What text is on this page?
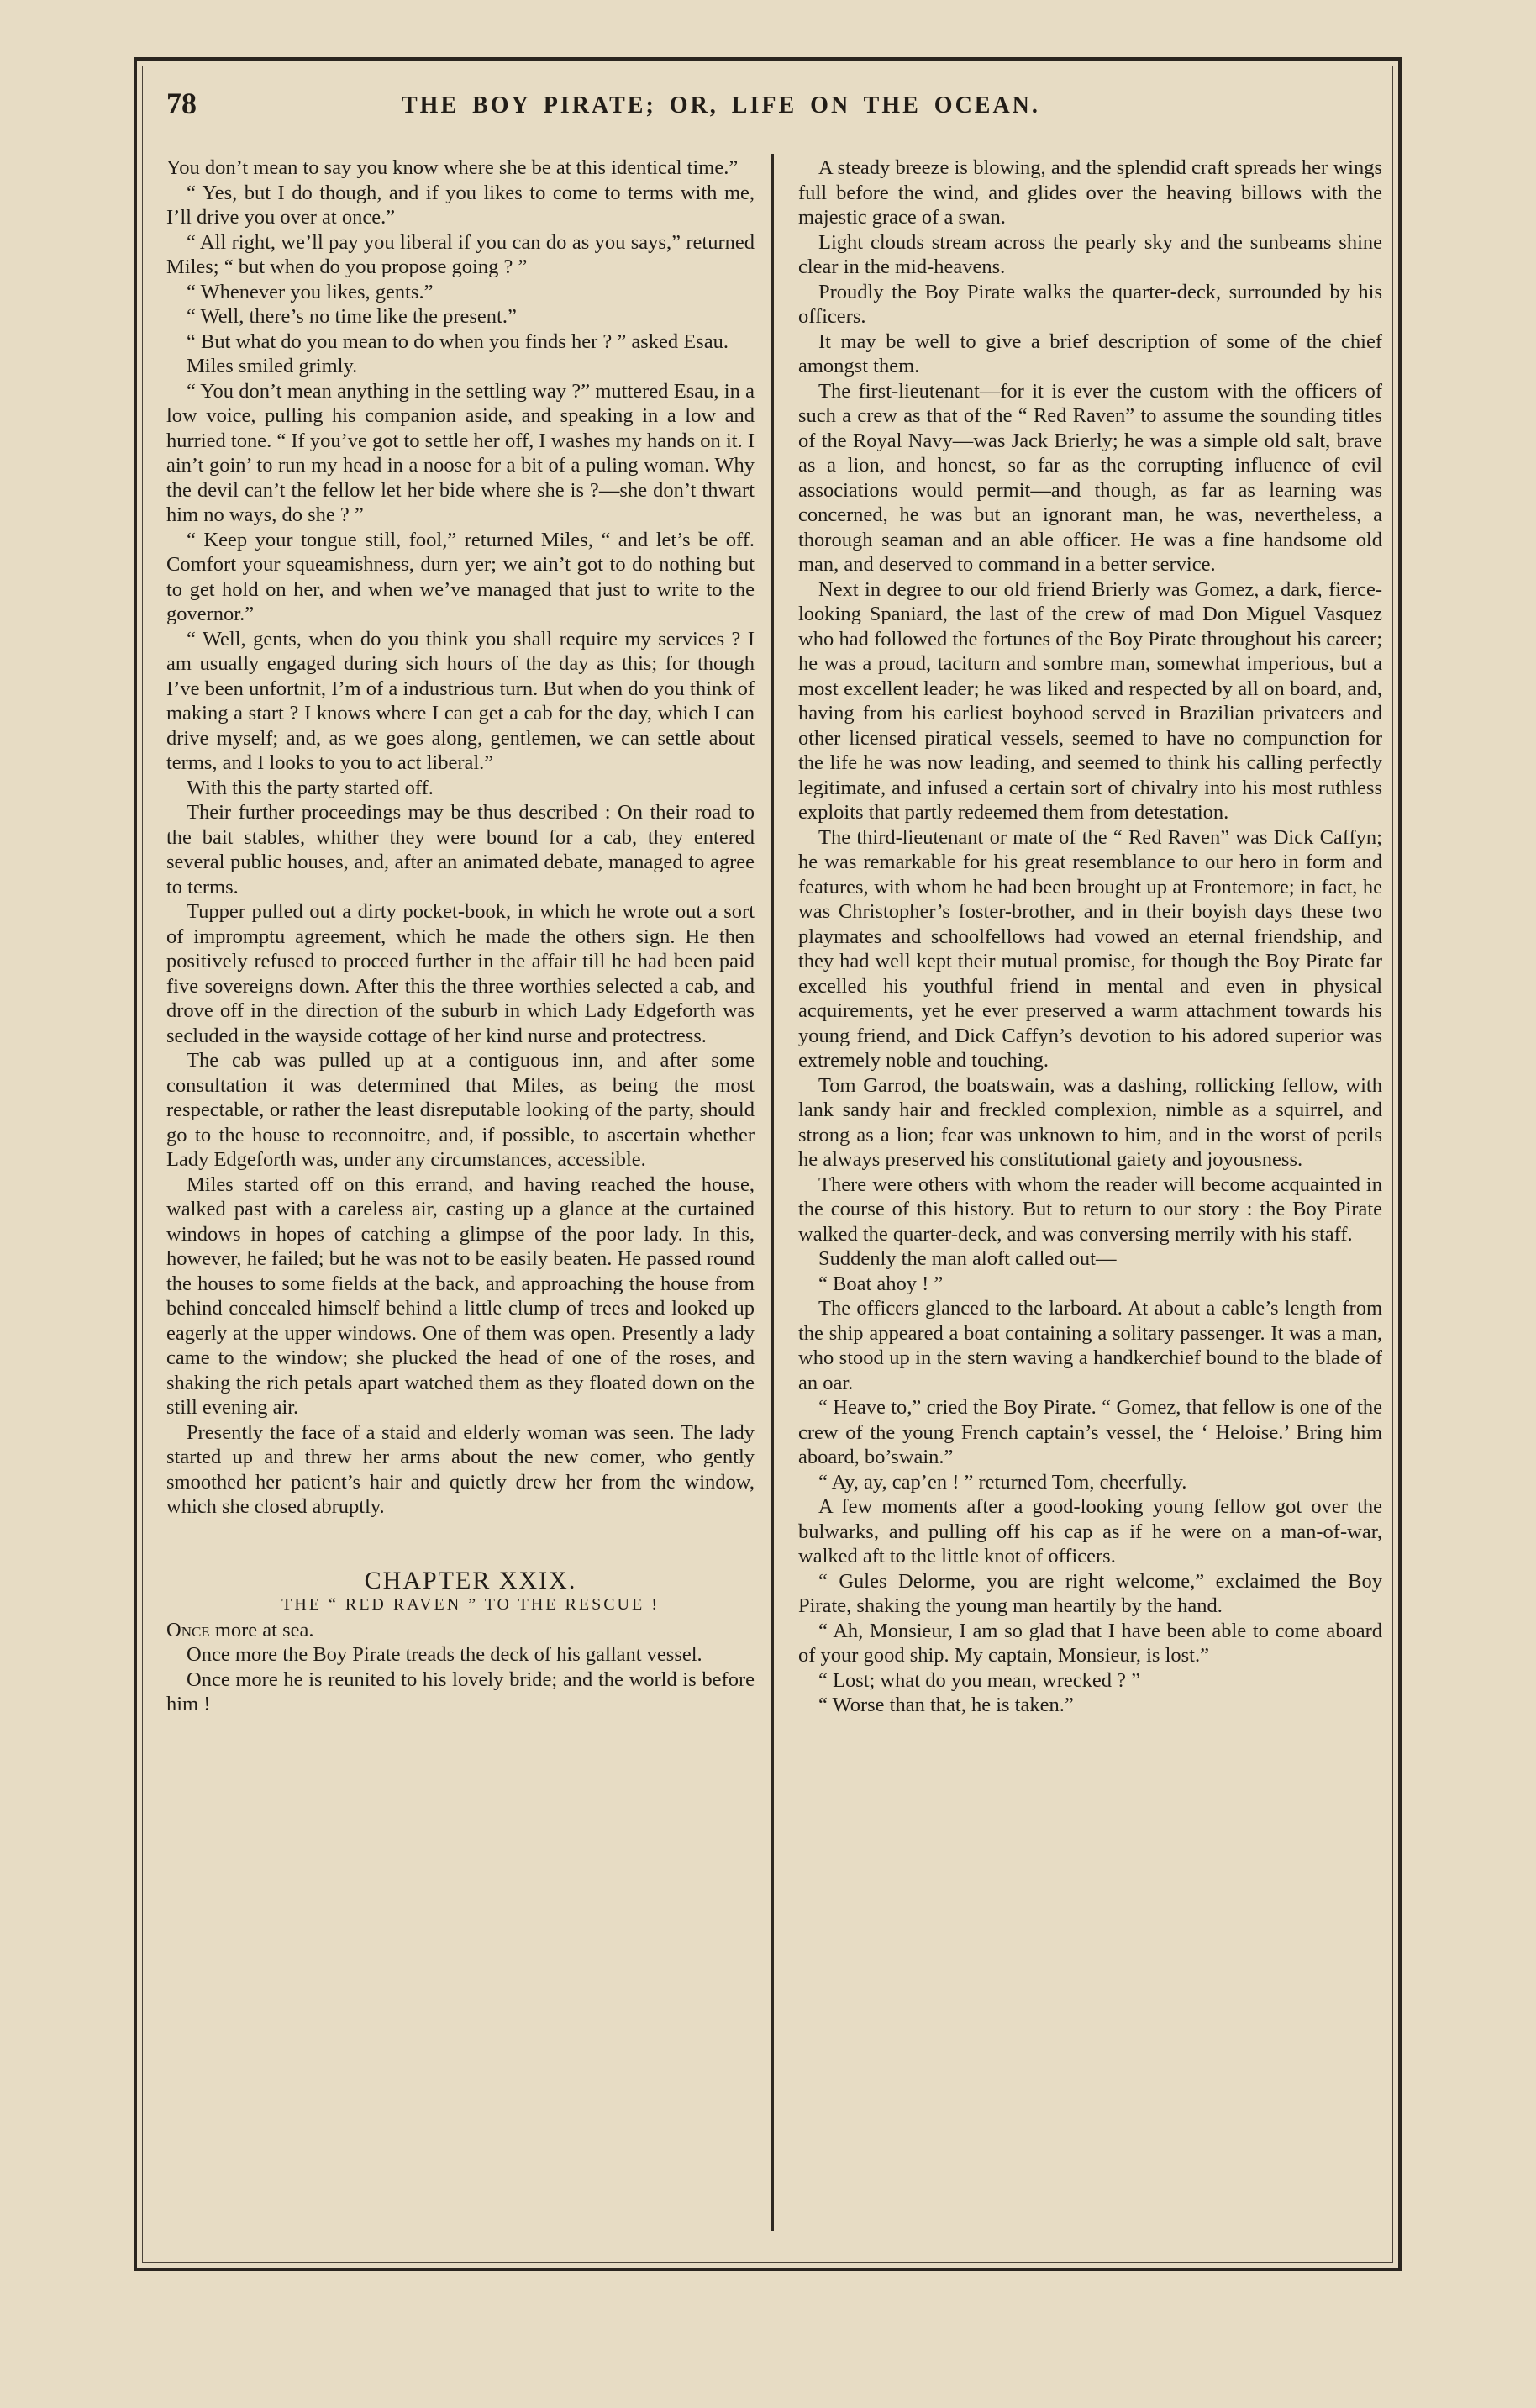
78	THE BOY PIRATE; OR, LIFE ON THE OCEAN.

You don’t mean to say you know where she be at this identical time.”

“ Yes, but I do though, and if you likes to come to terms with me, I’ll drive you over at once.”

“ All right, we’ll pay you liberal if you can do as you says,” returned Miles; “ but when do you propose going ? ”

“ Whenever you likes, gents.”

“ Well, there’s no time like the present.”

“ But what do you mean to do when you finds her ? ” asked Esau.

Miles smiled grimly.

“ You don’t mean anything in the settling way ?” muttered Esau, in a low voice, pulling his companion aside, and speaking in a low and hurried tone. “ If you’ve got to settle her off, I washes my hands on it. I ain’t goin’ to run my head in a noose for a bit of a puling woman. Why the devil can’t the fellow let her bide where she is ?—she don’t thwart him no ways, do she ? ”

“ Keep your tongue still, fool,” returned Miles, “ and let’s be off. Comfort your squeamishness, durn yer; we ain’t got to do nothing but to get hold on her, and when we’ve managed that just to write to the governor.”

“ Well, gents, when do you think you shall require my services ? I am usually engaged during sich hours of the day as this; for though I’ve been unfortnit, I’m of a industrious turn. But when do you think of making a start ? I knows where I can get a cab for the day, which I can drive myself; and, as we goes along, gentlemen, we can settle about terms, and I looks to you to act liberal.”

With this the party started off.

Their further proceedings may be thus described : On their road to the bait stables, whither they were bound for a cab, they entered several public houses, and, after an animated debate, managed to agree to terms.

Tupper pulled out a dirty pocket-book, in which he wrote out a sort of impromptu agreement, which he made the others sign. He then positively refused to proceed further in the affair till he had been paid five sovereigns down. After this the three worthies selected a cab, and drove off in the direction of the suburb in which Lady Edgeforth was secluded in the wayside cottage of her kind nurse and protectress.

The cab was pulled up at a contiguous inn, and after some consultation it was determined that Miles, as being the most respectable, or rather the least disreputable looking of the party, should go to the house to reconnoitre, and, if possible, to ascertain whether Lady Edgeforth was, under any circumstances, accessible.

Miles started off on this errand, and having reached the house, walked past with a careless air, casting up a glance at the curtained windows in hopes of catching a glimpse of the poor lady. In this, however, he failed; but he was not to be easily beaten. He passed round the houses to some fields at the back, and approaching the house from behind concealed himself behind a little clump of trees and looked up eagerly at the upper windows. One of them was open. Presently a lady came to the window; she plucked the head of one of the roses, and shaking the rich petals apart watched them as they floated down on the still evening air.

Presently the face of a staid and elderly woman was seen. The lady started up and threw her arms about the new comer, who gently smoothed her patient’s hair and quietly drew her from the window, which she closed abruptly.

CHAPTER XXIX.

THE “ RED RAVEN ” TO THE RESCUE !

Once more at sea.

Once more the Boy Pirate treads the deck of his gallant vessel.

Once more he is reunited to his lovely bride; and the world is before him !

A steady breeze is blowing, and the splendid craft spreads her wings full before the wind, and glides over the heaving billows with the majestic grace of a swan.

Light clouds stream across the pearly sky and the sunbeams shine clear in the mid-heavens.

Proudly the Boy Pirate walks the quarter-deck, surrounded by his officers.

It may be well to give a brief description of some of the chief amongst them.

The first-lieutenant—for it is ever the custom with the officers of such a crew as that of the “ Red Raven” to assume the sounding titles of the Royal Navy—was Jack Brierly; he was a simple old salt, brave as a lion, and honest, so far as the corrupting influence of evil associations would permit—and though, as far as learning was concerned, he was but an ignorant man, he was, nevertheless, a thorough seaman and an able officer. He was a fine handsome old man, and deserved to command in a better service.

Next in degree to our old friend Brierly was Gomez, a dark, fierce-looking Spaniard, the last of the crew of mad Don Miguel Vasquez who had followed the fortunes of the Boy Pirate throughout his career; he was a proud, taciturn and sombre man, somewhat imperious, but a most excellent leader; he was liked and respected by all on board, and, having from his earliest boyhood served in Brazilian privateers and other licensed piratical vessels, seemed to have no compunction for the life he was now leading, and seemed to think his calling perfectly legitimate, and infused a certain sort of chivalry into his most ruthless exploits that partly redeemed them from detestation.

The third-lieutenant or mate of the “ Red Raven” was Dick Caffyn; he was remarkable for his great resemblance to our hero in form and features, with whom he had been brought up at Frontemore; in fact, he was Christopher’s foster-brother, and in their boyish days these two playmates and schoolfellows had vowed an eternal friendship, and they had well kept their mutual promise, for though the Boy Pirate far excelled his youthful friend in mental and even in physical acquirements, yet he ever preserved a warm attachment towards his young friend, and Dick Caffyn’s devotion to his adored superior was extremely noble and touching.

Tom Garrod, the boatswain, was a dashing, rollicking fellow, with lank sandy hair and freckled complexion, nimble as a squirrel, and strong as a lion; fear was unknown to him, and in the worst of perils he always preserved his constitutional gaiety and joyousness.

There were others with whom the reader will become acquainted in the course of this history. But to return to our story : the Boy Pirate walked the quarter-deck, and was conversing merrily with his staff.

Suddenly the man aloft called out—

“ Boat ahoy ! ”

The officers glanced to the larboard. At about a cable’s length from the ship appeared a boat containing a solitary passenger. It was a man, who stood up in the stern waving a handkerchief bound to the blade of an oar.

“ Heave to,” cried the Boy Pirate. “ Gomez, that fellow is one of the crew of the young French captain’s vessel, the ‘ Heloise.’ Bring him aboard, bo’swain.”

“ Ay, ay, cap’en ! ” returned Tom, cheerfully.

A few moments after a good-looking young fellow got over the bulwarks, and pulling off his cap as if he were on a man-of-war, walked aft to the little knot of officers.

“ Gules Delorme, you are right welcome,” exclaimed the Boy Pirate, shaking the young man heartily by the hand.

“ Ah, Monsieur, I am so glad that I have been able to come aboard of your good ship. My captain, Monsieur, is lost.”

“ Lost; what do you mean, wrecked ? ”

“ Worse than that, he is taken.”
